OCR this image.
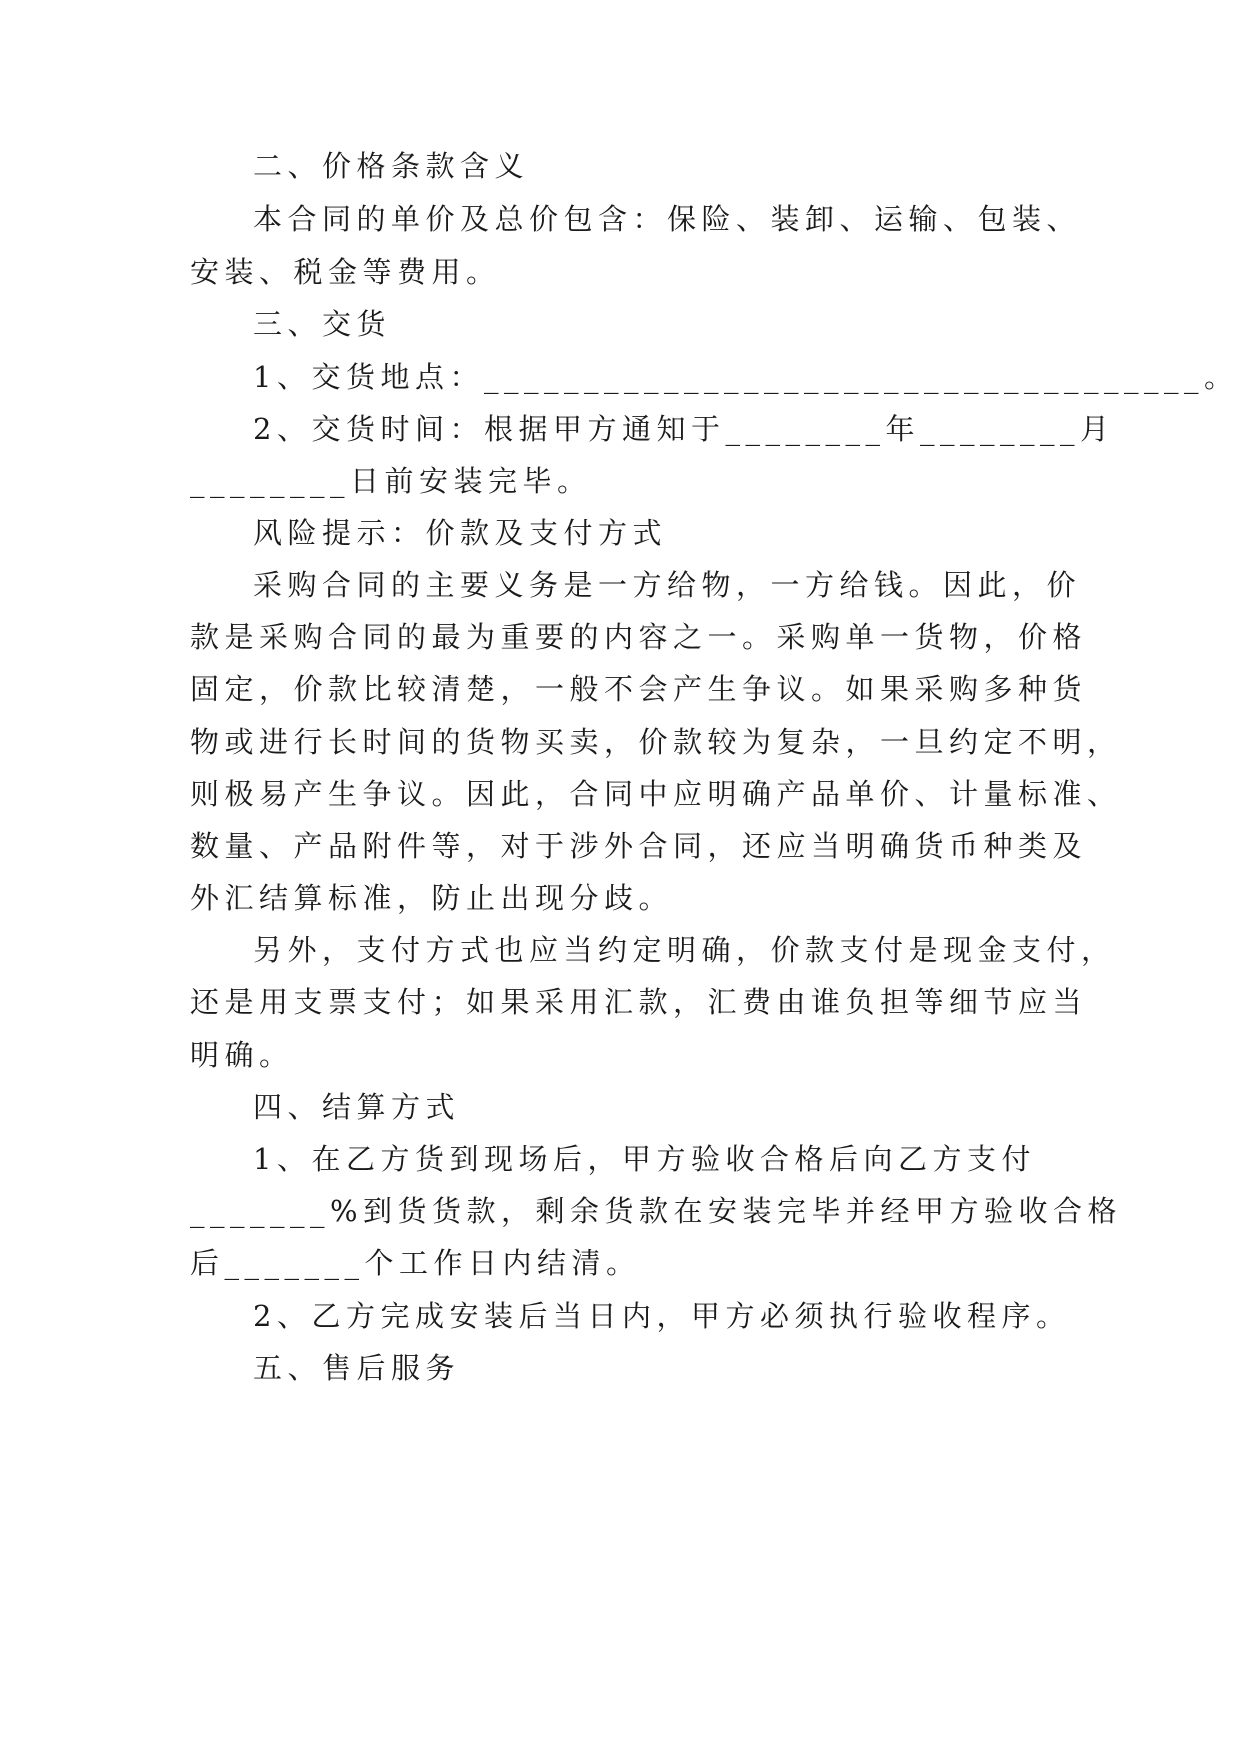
二、价格条款含义
本合同的单价及总价包含：保险、装卸、运输、包装、
安装、税金等费用。
三、交货
1、交货地点：____________________________________。
2、交货时间：根据甲方通知于________年________月
________日前安装完毕。
风险提示：价款及支付方式
采购合同的主要义务是一方给物，一方给钱。因此，价
款是采购合同的最为重要的内容之一。采购单一货物，价格
固定，价款比较清楚，一般不会产生争议。如果采购多种货
物或进行长时间的货物买卖，价款较为复杂，一旦约定不明，
则极易产生争议。因此，合同中应明确产品单价、计量标准、
数量、产品附件等，对于涉外合同，还应当明确货币种类及
外汇结算标准，防止出现分歧。
另外，支付方式也应当约定明确，价款支付是现金支付，
还是用支票支付；如果采用汇款，汇费由谁负担等细节应当
明确。
四、结算方式
1、在乙方货到现场后，甲方验收合格后向乙方支付
_______%到货货款，剩余货款在安装完毕并经甲方验收合格
后_______个工作日内结清。
2、乙方完成安装后当日内，甲方必须执行验收程序。
五、售后服务
